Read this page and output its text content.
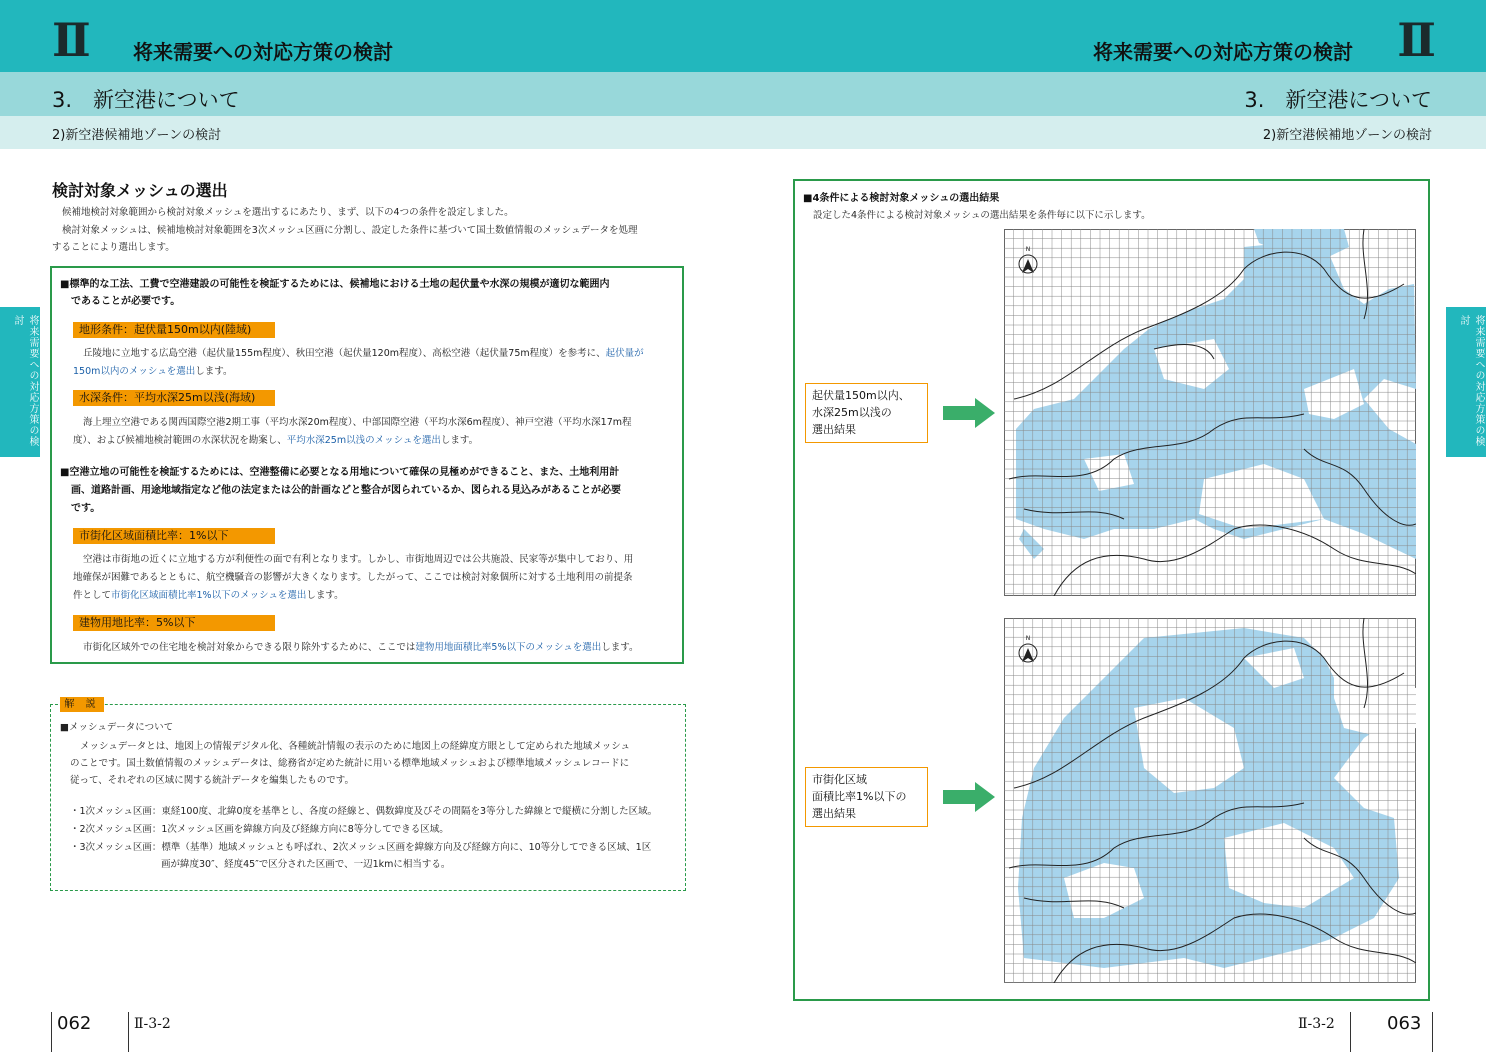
Ⅱ 将来需要への対応方策の検討	将来需要への対応方策の検討 Ⅱ
3.　新空港について	3.　新空港について
2)新空港候補地ゾーンの検討	2)新空港候補地ゾーンの検討
将来需要への対応方策の検討	将来需要への対応方策の検討
検討対象メッシュの選出
候補地検討対象範囲から検討対象メッシュを選出するにあたり、まず、以下の4つの条件を設定しました。
検討対象メッシュは、候補地検討対象範囲を3次メッシュ区画に分割し、設定した条件に基づいて国土数値情報のメッシュデータを処理
することにより選出します。
■標準的な工法、工費で空港建設の可能性を検証するためには、候補地における土地の起伏量や水深の規模が適切な範囲内
であることが必要です。
地形条件：起伏量150m以内(陸域)
丘陵地に立地する広島空港（起伏量155m程度）、秋田空港（起伏量120m程度）、高松空港（起伏量75m程度）を参考に、起伏量が
150m以内のメッシュを選出します。
水深条件：平均水深25m以浅(海域)
海上埋立空港である関西国際空港2期工事（平均水深20m程度）、中部国際空港（平均水深6m程度）、神戸空港（平均水深17m程
度）、および候補地検討範囲の水深状況を勘案し、平均水深25m以浅のメッシュを選出します。
■空港立地の可能性を検証するためには、空港整備に必要となる用地について確保の見極めができること、また、土地利用計
画、道路計画、用途地域指定など他の法定または公的計画などと整合が図られているか、図られる見込みがあることが必要
です。
市街化区域面積比率：1%以下
空港は市街地の近くに立地する方が利便性の面で有利となります。しかし、市街地周辺では公共施設、民家等が集中しており、用
地確保が困難であるとともに、航空機騒音の影響が大きくなります。したがって、ここでは検討対象個所に対する土地利用の前提条
件として市街化区域面積比率1%以下のメッシュを選出します。
建物用地比率：5%以下
市街化区域外での住宅地を検討対象からできる限り除外するために、ここでは建物用地面積比率5%以下のメッシュを選出します。
解 説
■メッシュデータについて
メッシュデータとは、地図上の情報デジタル化、各種統計情報の表示のために地図上の経緯度方眼として定められた地域メッシュ
のことです。国土数値情報のメッシュデータは、総務省が定めた統計に用いる標準地域メッシュおよび標準地域メッシュレコードに
従って、それぞれの区域に関する統計データを編集したものです。
・1次メッシュ区画：東経100度、北緯0度を基準とし、各度の経線と、偶数緯度及びその間隔を3等分した緯線とで縦横に分割した区域。
・2次メッシュ区画：1次メッシュ区画を緯線方向及び経線方向に8等分してできる区域。
・3次メッシュ区画：標準（基準）地域メッシュとも呼ばれ、2次メッシュ区画を緯線方向及び経線方向に、10等分してできる区域、1区
画が緯度30″、経度45″で区分された区画で、一辺1kmに相当する。
■4条件による検討対象メッシュの選出結果
設定した4条件による検討対象メッシュの選出結果を条件毎に以下に示します。
N
N
起伏量150m以内、
水深25m以浅の
選出結果
市街化区域
面積比率1%以下の
選出結果
062	Ⅱ-3-2	Ⅱ-3-2	063
